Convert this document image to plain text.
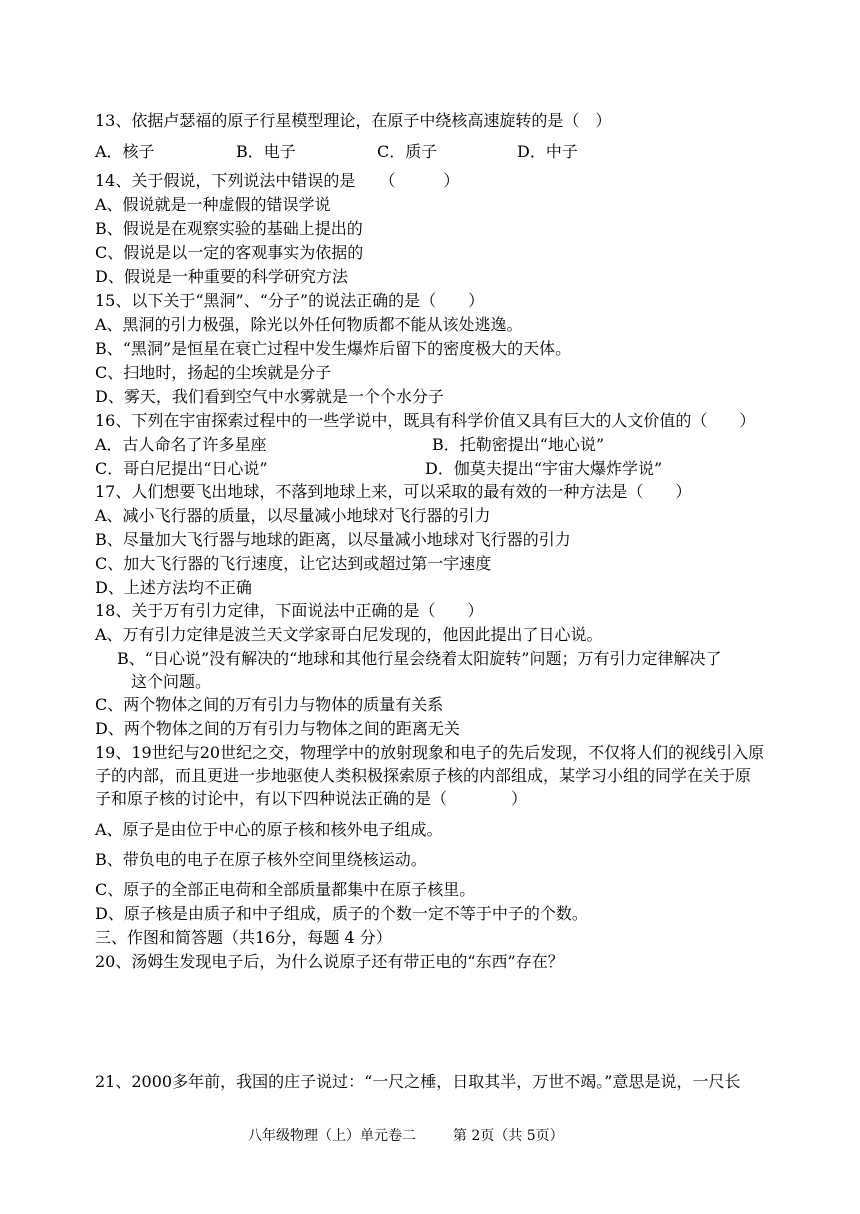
13、依据卢瑟福的原子行星模型理论，在原子中绕核高速旋转的是（　）
A．核子	B．电子	C．质子	D．中子
14、关于假说，下列说法中错误的是　　（　　　）
A、假说就是一种虚假的错误学说
B、假说是在观察实验的基础上提出的
C、假说是以一定的客观事实为依据的
D、假说是一种重要的科学研究方法
15、以下关于“黑洞”、“分子”的说法正确的是（　　）
A、黑洞的引力极强，除光以外任何物质都不能从该处逃逸。
B、“黑洞”是恒星在衰亡过程中发生爆炸后留下的密度极大的天体。
C、扫地时，扬起的尘埃就是分子
D、雾天，我们看到空气中水雾就是一个个水分子
16、下列在宇宙探索过程中的一些学说中，既具有科学价值又具有巨大的人文价值的（　　）
A．古人命名了许多星座	B．托勒密提出“地心说”
C．哥白尼提出“日心说”	D．伽莫夫提出“宇宙大爆炸学说”
17、人们想要飞出地球，不落到地球上来，可以采取的最有效的一种方法是（　　）
A、减小飞行器的质量，以尽量减小地球对飞行器的引力
B、尽量加大飞行器与地球的距离，以尽量减小地球对飞行器的引力
C、加大飞行器的飞行速度，让它达到或超过第一宇速度
D、上述方法均不正确
18、关于万有引力定律，下面说法中正确的是（　　）
A、万有引力定律是波兰天文学家哥白尼发现的，他因此提出了日心说。
B、“日心说”没有解决的“地球和其他行星会绕着太阳旋转”问题；万有引力定律解决了
这个问题。
C、两个物体之间的万有引力与物体的质量有关系
D、两个物体之间的万有引力与物体之间的距离无关
19、19世纪与20世纪之交，物理学中的放射现象和电子的先后发现，不仅将人们的视线引入原
子的内部，而且更进一步地驱使人类积极探索原子核的内部组成，某学习小组的同学在关于原
子和原子核的讨论中，有以下四种说法正确的是（　　　　）
A、原子是由位于中心的原子核和核外电子组成。
B、带负电的电子在原子核外空间里绕核运动。
C、原子的全部正电荷和全部质量都集中在原子核里。
D、原子核是由质子和中子组成，质子的个数一定不等于中子的个数。
三、作图和简答题（共16分，每题 4 分）
20、汤姆生发现电子后，为什么说原子还有带正电的“东西”存在？
21、2000多年前，我国的庄子说过：“一尺之棰，日取其半，万世不竭。”意思是说，一尺长
八年级物理（上）单元卷二	第 2页（共 5页）
